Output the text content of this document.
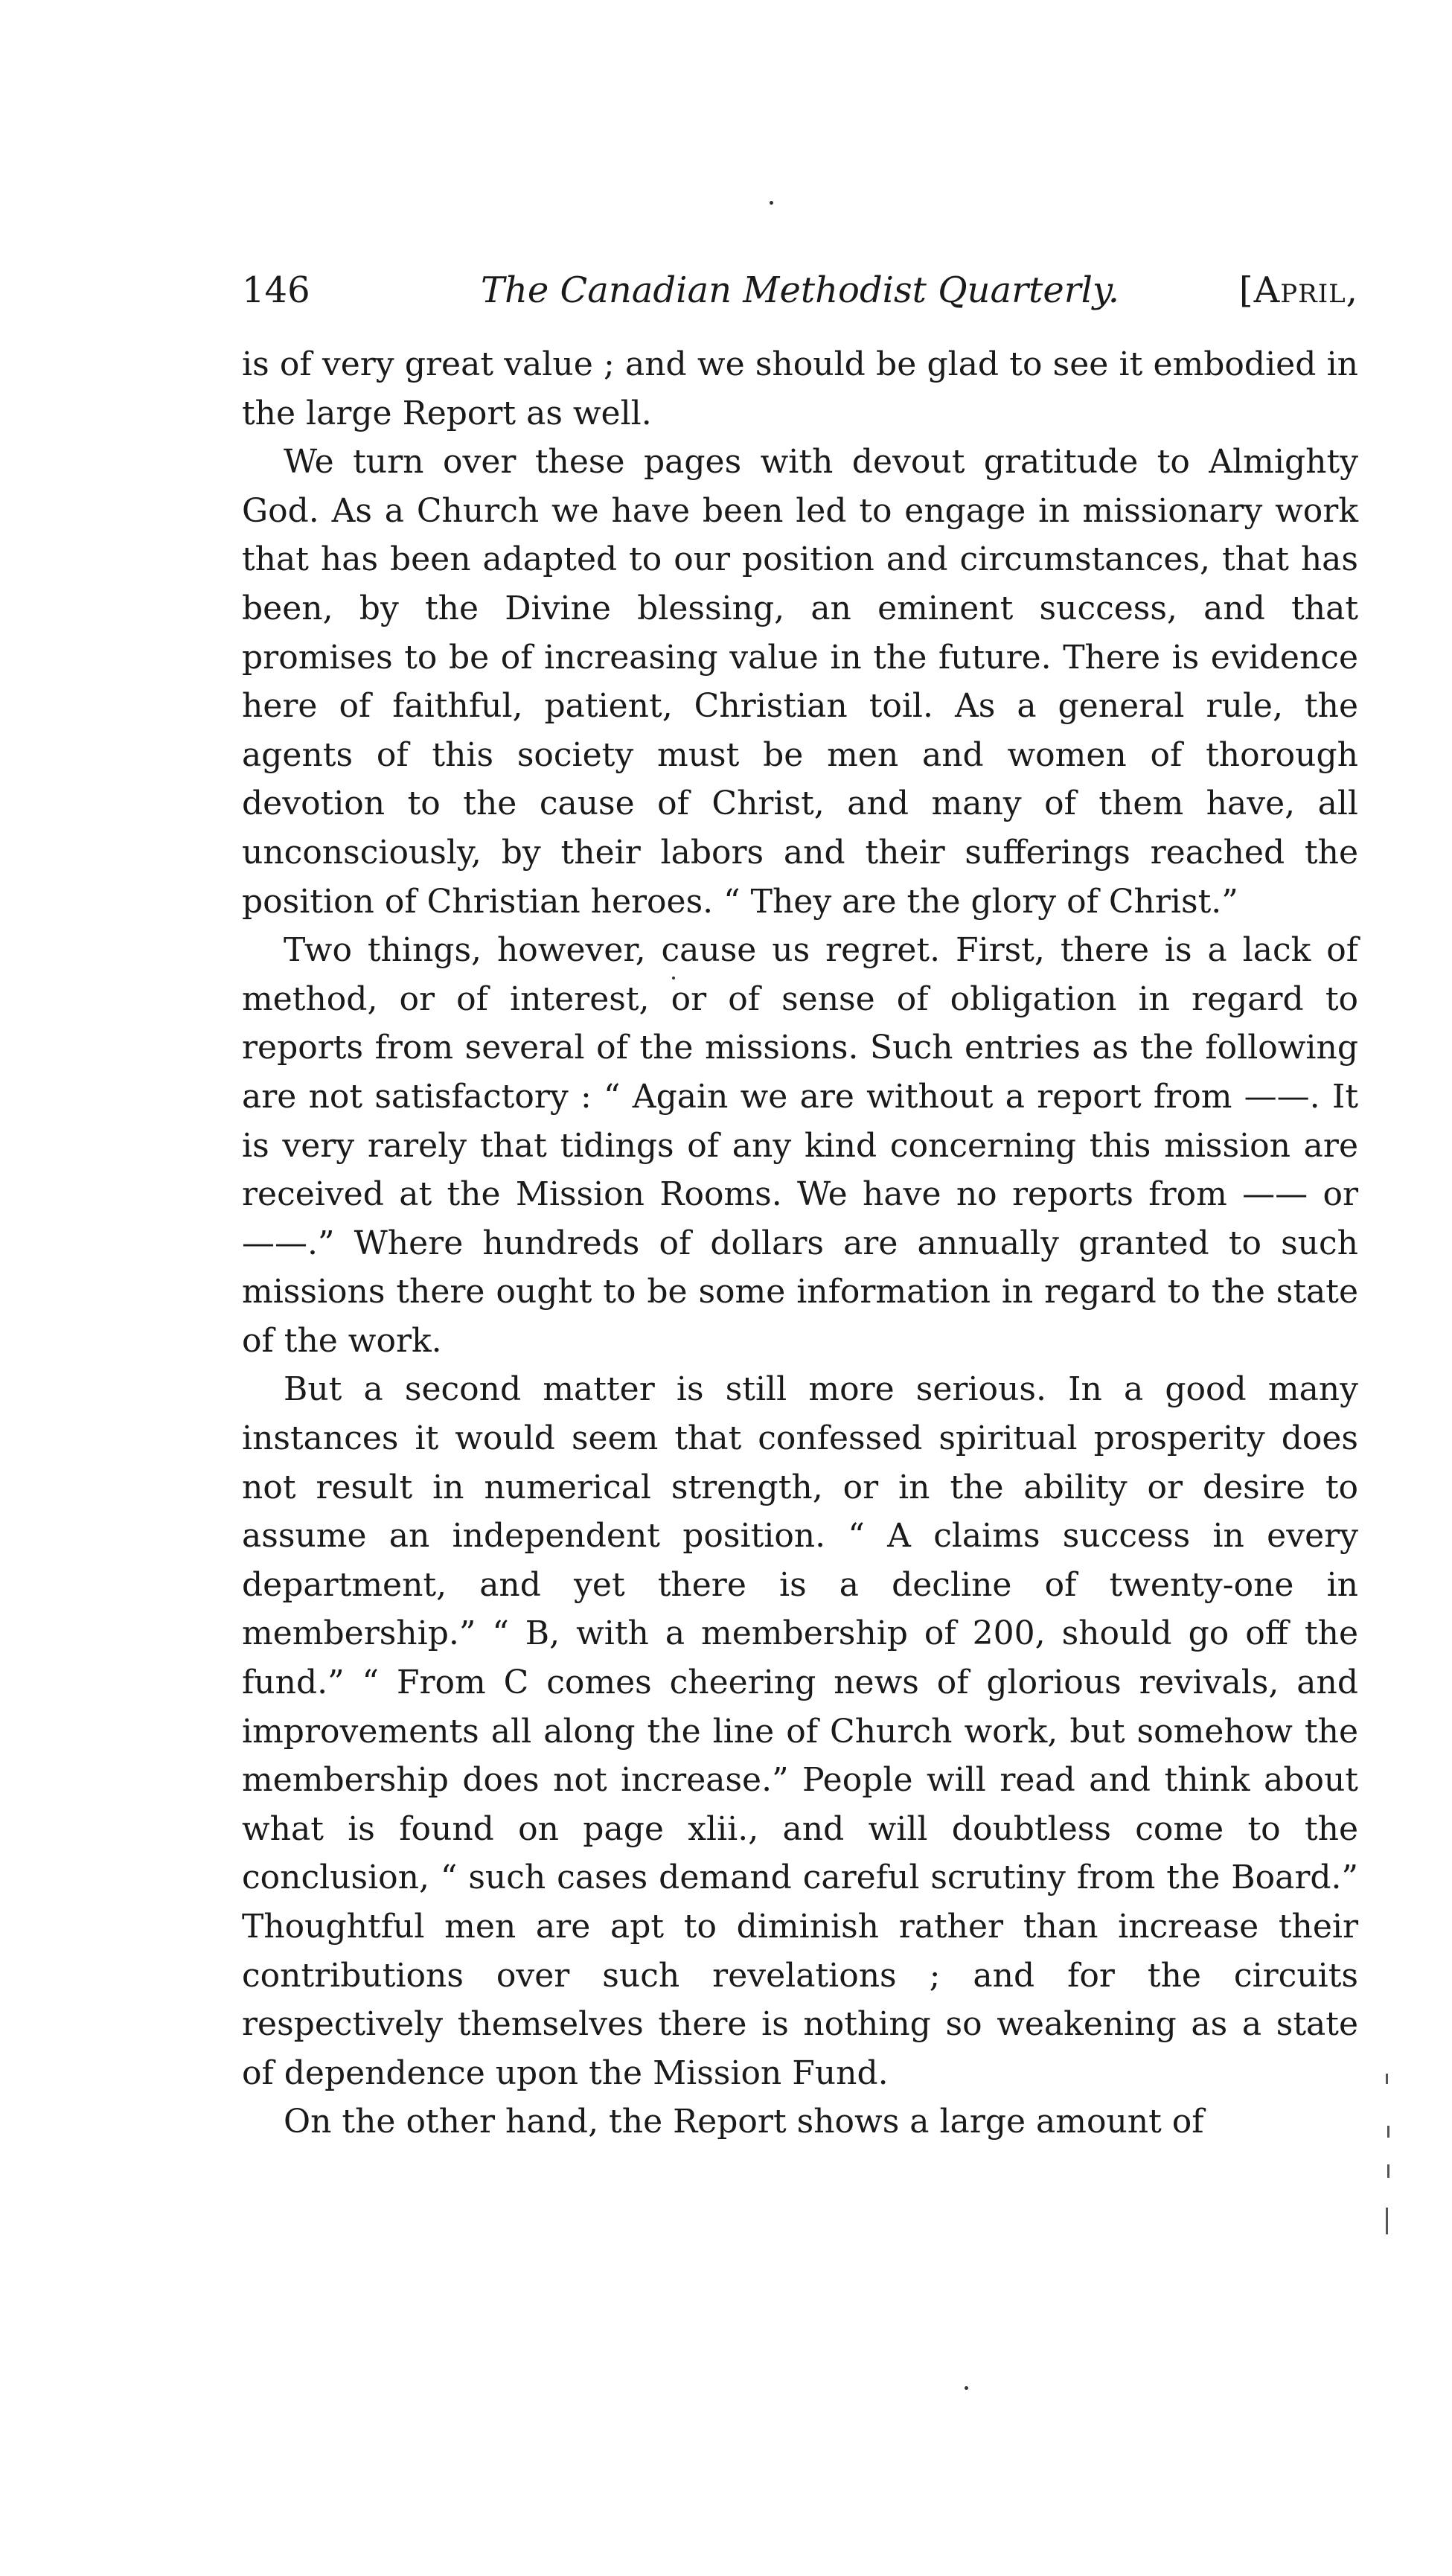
146	The Canadian Methodist Quarterly.	[April,

is of very great value ; and we should be glad to see it embodied in the large Report as well.

We turn over these pages with devout gratitude to Almighty God. As a Church we have been led to engage in missionary work that has been adapted to our position and circumstances, that has been, by the Divine blessing, an eminent success, and that promises to be of increasing value in the future. There is evidence here of faithful, patient, Christian toil. As a general rule, the agents of this society must be men and women of thorough devotion to the cause of Christ, and many of them have, all unconsciously, by their labors and their sufferings reached the position of Christian heroes. “ They are the glory of Christ.”

Two things, however, cause us regret. First, there is a lack of method, or of interest, or of sense of obligation in regard to reports from several of the missions. Such entries as the following are not satisfactory : “ Again we are without a report from ——. It is very rarely that tidings of any kind concerning this mission are received at the Mission Rooms. We have no reports from —— or ——.” Where hundreds of dollars are annually granted to such missions there ought to be some information in regard to the state of the work.

But a second matter is still more serious. In a good many instances it would seem that confessed spiritual prosperity does not result in numerical strength, or in the ability or desire to assume an independent position. “ A claims success in every department, and yet there is a decline of twenty-one in membership.” “ B, with a membership of 200, should go off the fund.” “ From C comes cheering news of glorious revivals, and improvements all along the line of Church work, but somehow the membership does not increase.” People will read and think about what is found on page xlii., and will doubtless come to the conclusion, “ such cases demand careful scrutiny from the Board.” Thoughtful men are apt to diminish rather than increase their contributions over such revelations ; and for the circuits respectively themselves there is nothing so weakening as a state of dependence upon the Mission Fund.

On the other hand, the Report shows a large amount of
